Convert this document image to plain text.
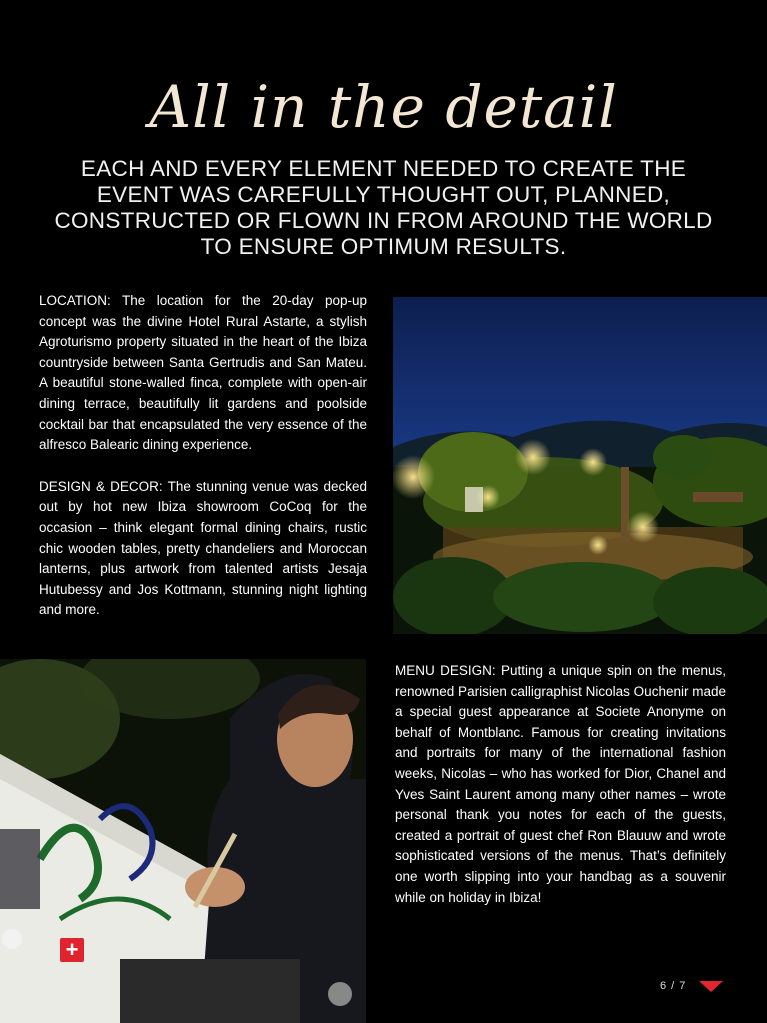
All in the detail
EACH AND EVERY ELEMENT NEEDED TO CREATE THE EVENT WAS CAREFULLY THOUGHT OUT, PLANNED, CONSTRUCTED OR FLOWN IN FROM AROUND THE WORLD TO ENSURE OPTIMUM RESULTS.

LOCATION: The location for the 20-day pop-up concept was the divine Hotel Rural Astarte, a stylish Agroturismo property situated in the heart of the Ibiza countryside between Santa Gertrudis and San Mateu. A beautiful stone-walled finca, complete with open-air dining terrace, beautifully lit gardens and poolside cocktail bar that encapsulated the very essence of the alfresco Balearic dining experience.

DESIGN & DECOR: The stunning venue was decked out by hot new Ibiza showroom CoCoq for the occasion – think elegant formal dining chairs, rustic chic wooden tables, pretty chandeliers and Moroccan lanterns, plus artwork from talented artists Jesaja Hutubessy and Jos Kottmann, stunning night lighting and more.

+

MENU DESIGN: Putting a unique spin on the menus, renowned Parisien calligraphist Nicolas Ouchenir made a special guest appearance at Societe Anonyme on behalf of Montblanc. Famous for creating invitations and portraits for many of the international fashion weeks, Nicolas – who has worked for Dior, Chanel and Yves Saint Laurent among many other names – wrote personal thank you notes for each of the guests, created a portrait of guest chef Ron Blauuw and wrote sophisticated versions of the menus. That’s definitely one worth slipping into your handbag as a souvenir while on holiday in Ibiza!

6 / 7
